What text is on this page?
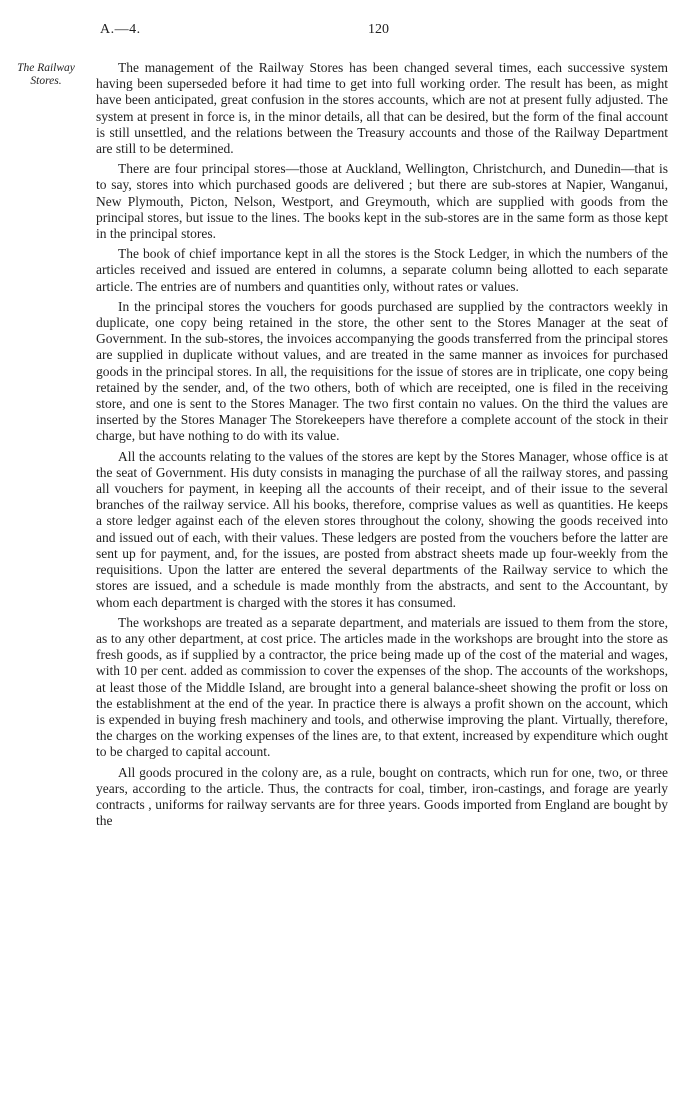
A.—4.	120
The Railway
Stores.

The management of the Railway Stores has been changed several times, each successive system having been superseded before it had time to get into full working order. The result has been, as might have been anticipated, great confusion in the stores accounts, which are not at present fully adjusted. The system at present in force is, in the minor details, all that can be desired, but the form of the final account is still unsettled, and the relations between the Treasury accounts and those of the Railway Department are still to be determined.

There are four principal stores—those at Auckland, Wellington, Christchurch, and Dunedin—that is to say, stores into which purchased goods are delivered ; but there are sub-stores at Napier, Wanganui, New Plymouth, Picton, Nelson, Westport, and Greymouth, which are supplied with goods from the principal stores, but issue to the lines. The books kept in the sub-stores are in the same form as those kept in the principal stores.

The book of chief importance kept in all the stores is the Stock Ledger, in which the numbers of the articles received and issued are entered in columns, a separate column being allotted to each separate article. The entries are of numbers and quantities only, without rates or values.

In the principal stores the vouchers for goods purchased are supplied by the contractors weekly in duplicate, one copy being retained in the store, the other sent to the Stores Manager at the seat of Government. In the sub-stores, the invoices accompanying the goods transferred from the principal stores are supplied in duplicate without values, and are treated in the same manner as invoices for purchased goods in the principal stores. In all, the requisitions for the issue of stores are in triplicate, one copy being retained by the sender, and, of the two others, both of which are receipted, one is filed in the receiving store, and one is sent to the Stores Manager. The two first contain no values. On the third the values are inserted by the Stores Manager The Storekeepers have therefore a complete account of the stock in their charge, but have nothing to do with its value.

All the accounts relating to the values of the stores are kept by the Stores Manager, whose office is at the seat of Government. His duty consists in managing the purchase of all the railway stores, and passing all vouchers for payment, in keeping all the accounts of their receipt, and of their issue to the several branches of the railway service. All his books, therefore, comprise values as well as quantities. He keeps a store ledger against each of the eleven stores throughout the colony, showing the goods received into and issued out of each, with their values. These ledgers are posted from the vouchers before the latter are sent up for payment, and, for the issues, are posted from abstract sheets made up four-weekly from the requisitions. Upon the latter are entered the several departments of the Railway service to which the stores are issued, and a schedule is made monthly from the abstracts, and sent to the Accountant, by whom each department is charged with the stores it has consumed.

The workshops are treated as a separate department, and materials are issued to them from the store, as to any other department, at cost price. The articles made in the workshops are brought into the store as fresh goods, as if supplied by a contractor, the price being made up of the cost of the material and wages, with 10 per cent. added as commission to cover the expenses of the shop. The accounts of the workshops, at least those of the Middle Island, are brought into a general balance-sheet showing the profit or loss on the establishment at the end of the year. In practice there is always a profit shown on the account, which is expended in buying fresh machinery and tools, and otherwise improving the plant. Virtually, therefore, the charges on the working expenses of the lines are, to that extent, increased by expenditure which ought to be charged to capital account.

All goods procured in the colony are, as a rule, bought on contracts, which run for one, two, or three years, according to the article. Thus, the contracts for coal, timber, iron-castings, and forage are yearly contracts , uniforms for railway servants are for three years. Goods imported from England are bought by the
